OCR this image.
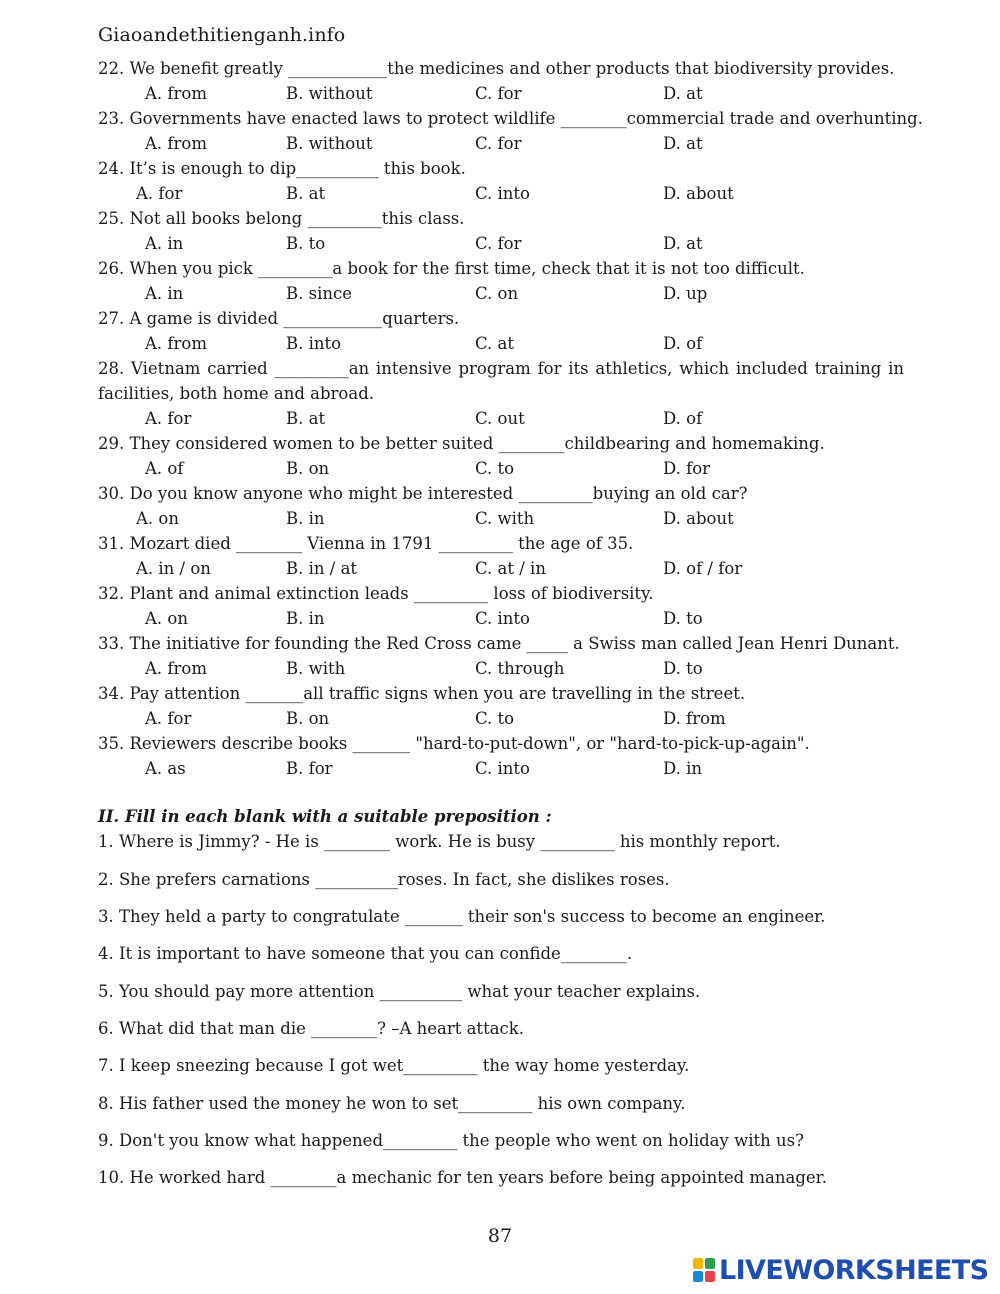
Giaoandethitienganh.info
22. We benefit greatly ____________the medicines and other products that biodiversity provides.
A. from	B. without	C. for	D. at
23. Governments have enacted laws to protect wildlife ________commercial trade and overhunting.
A. from	B. without	C. for	D. at
24. It’s is enough to dip__________ this book.
A. for	B. at	C. into	D. about
25. Not all books belong _________this class.
A. in	B. to	C. for	D. at
26. When you pick _________a book for the first time, check that it is not too difficult.
A. in	B. since	C. on	D. up
27. A game is divided ____________quarters.
A. from	B. into	C. at	D. of
28. Vietnam carried _________an intensive program for its athletics, which included training in facilities, both home and abroad.
A. for	B. at	C. out	D. of
29. They considered women to be better suited ________childbearing and homemaking.
A. of	B. on	C. to	D. for
30. Do you know anyone who might be interested _________buying an old car?
A. on	B. in	C. with	D. about
31. Mozart died ________ Vienna in 1791 _________ the age of 35.
A. in / on	B. in / at	C. at / in	D. of / for
32. Plant and animal extinction leads _________ loss of biodiversity.
A. on	B. in	C. into	D. to
33. The initiative for founding the Red Cross came _____ a Swiss man called Jean Henri Dunant.
A. from	B. with	C. through	D. to
34. Pay attention _______all traffic signs when you are travelling in the street.
A. for	B. on	C. to	D. from
35. Reviewers describe books _______ "hard-to-put-down", or "hard-to-pick-up-again".
A. as	B. for	C. into	D. in
II. Fill in each blank with a suitable preposition :
1. Where is Jimmy? - He is ________ work. He is busy _________ his monthly report.
2. She prefers carnations __________roses. In fact, she dislikes roses.
3. They held a party to congratulate _______ their son's success to become an engineer.
4. It is important to have someone that you can confide________.
5. You should pay more attention __________ what your teacher explains.
6. What did that man die ________? –A heart attack.
7. I keep sneezing because I got wet_________ the way home yesterday.
8. His father used the money he won to set_________ his own company.
9. Don't you know what happened_________ the people who went on holiday with us?
10. He worked hard ________a mechanic for ten years before being appointed manager.
87
LIVEWORKSHEETS
